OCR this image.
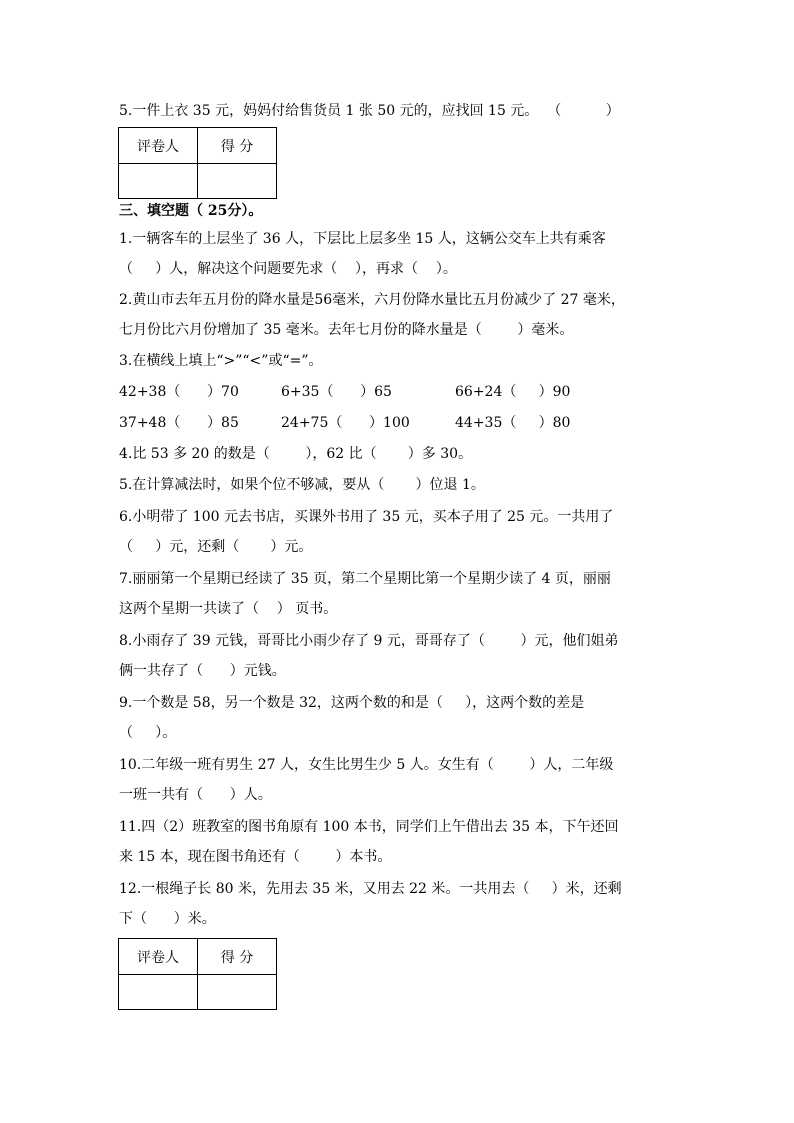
5.一件上衣 35 元，妈妈付给售货员 1 张 50 元的，应找回 15 元。  （          ）
评卷人	得 分

三、填空题（ 25分）。
1.一辆客车的上层坐了 36 人，下层比上层多坐 15 人，这辆公交车上共有乘客
（     ）人，解决这个问题要先求（    ），再求（    ）。
2.黄山市去年五月份的降水量是56毫米，六月份降水量比五月份减少了 27 毫米，
七月份比六月份增加了 35 毫米。去年七月份的降水量是（        ）毫米。
3.在横线上填上“>”“<”或“=”。
42+38（      ）70	6+35（      ）65	66+24（     ）90
37+48（      ）85	24+75（      ）100	44+35（     ）80
4.比 53 多 20 的数是（        ），62 比（       ）多 30。
5.在计算减法时，如果个位不够减，要从（       ）位退 1。
6.小明带了 100 元去书店，买课外书用了 35 元，买本子用了 25 元。一共用了
（     ）元，还剩（       ）元。
7.丽丽第一个星期已经读了 35 页，第二个星期比第一个星期少读了 4 页，丽丽
这两个星期一共读了（    ） 页书。
8.小雨存了 39 元钱，哥哥比小雨少存了 9 元，哥哥存了（        ）元，他们姐弟
俩一共存了（      ）元钱。
9.一个数是 58，另一个数是 32，这两个数的和是（     ），这两个数的差是
（     ）。
10.二年级一班有男生 27 人，女生比男生少 5 人。女生有（        ）人，二年级
一班一共有（      ）人。
11.四（2）班教室的图书角原有 100 本书，同学们上午借出去 35 本，下午还回
来 15 本，现在图书角还有（        ）本书。
12.一根绳子长 80 米，先用去 35 米，又用去 22 米。一共用去（     ）米，还剩
下（      ）米。
评卷人	得 分
